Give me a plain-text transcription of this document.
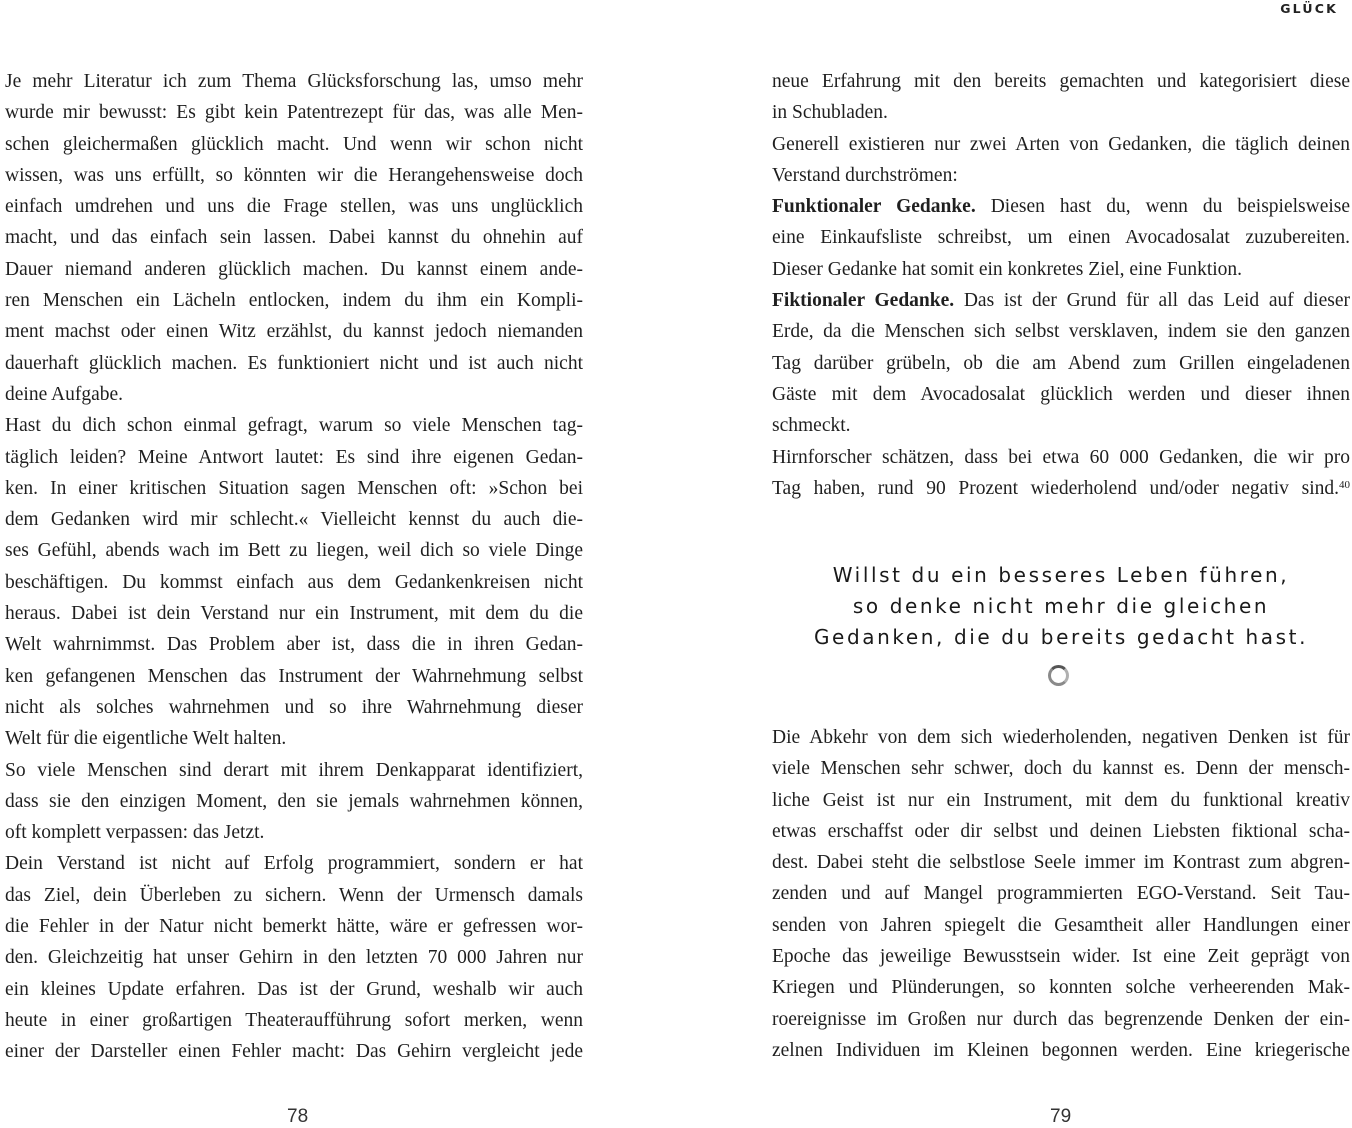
GLÜCK
Je mehr Literatur ich zum Thema Glücksforschung las, umso mehr
wurde mir bewusst: Es gibt kein Patentrezept für das, was alle Men-
schen gleichermaßen glücklich macht. Und wenn wir schon nicht
wissen, was uns erfüllt, so könnten wir die Herangehensweise doch
einfach umdrehen und uns die Frage stellen, was uns unglücklich
macht, und das einfach sein lassen. Dabei kannst du ohnehin auf
Dauer niemand anderen glücklich machen. Du kannst einem ande-
ren Menschen ein Lächeln entlocken, indem du ihm ein Kompli-
ment machst oder einen Witz erzählst, du kannst jedoch niemanden
dauerhaft glücklich machen. Es funktioniert nicht und ist auch nicht
deine Aufgabe.
Hast du dich schon einmal gefragt, warum so viele Menschen tag-
täglich leiden? Meine Antwort lautet: Es sind ihre eigenen Gedan-
ken. In einer kritischen Situation sagen Menschen oft: »Schon bei
dem Gedanken wird mir schlecht.« Vielleicht kennst du auch die-
ses Gefühl, abends wach im Bett zu liegen, weil dich so viele Dinge
beschäftigen. Du kommst einfach aus dem Gedankenkreisen nicht
heraus. Dabei ist dein Verstand nur ein Instrument, mit dem du die
Welt wahrnimmst. Das Problem aber ist, dass die in ihren Gedan-
ken gefangenen Menschen das Instrument der Wahrnehmung selbst
nicht als solches wahrnehmen und so ihre Wahrnehmung dieser
Welt für die eigentliche Welt halten.
So viele Menschen sind derart mit ihrem Denkapparat identifiziert,
dass sie den einzigen Moment, den sie jemals wahrnehmen können,
oft komplett verpassen: das Jetzt.
Dein Verstand ist nicht auf Erfolg programmiert, sondern er hat
das Ziel, dein Überleben zu sichern. Wenn der Urmensch damals
die Fehler in der Natur nicht bemerkt hätte, wäre er gefressen wor-
den. Gleichzeitig hat unser Gehirn in den letzten 70 000 Jahren nur
ein kleines Update erfahren. Das ist der Grund, weshalb wir auch
heute in einer großartigen Theateraufführung sofort merken, wenn
einer der Darsteller einen Fehler macht: Das Gehirn vergleicht jede
neue Erfahrung mit den bereits gemachten und kategorisiert diese
in Schubladen.
Generell existieren nur zwei Arten von Gedanken, die täglich deinen
Verstand durchströmen:
Funktionaler Gedanke. Diesen hast du, wenn du beispielsweise
eine Einkaufsliste schreibst, um einen Avocadosalat zuzubereiten.
Dieser Gedanke hat somit ein konkretes Ziel, eine Funktion.
Fiktionaler Gedanke. Das ist der Grund für all das Leid auf dieser
Erde, da die Menschen sich selbst versklaven, indem sie den ganzen
Tag darüber grübeln, ob die am Abend zum Grillen eingeladenen
Gäste mit dem Avocadosalat glücklich werden und dieser ihnen
schmeckt.
Hirnforscher schätzen, dass bei etwa 60 000 Gedanken, die wir pro
Tag haben, rund 90 Prozent wiederholend und/oder negativ sind.$^{40}$
Willst du ein besseres Leben führen,
so denke nicht mehr die gleichen
Gedanken, die du bereits gedacht hast.
Die Abkehr von dem sich wiederholenden, negativen Denken ist für
viele Menschen sehr schwer, doch du kannst es. Denn der mensch-
liche Geist ist nur ein Instrument, mit dem du funktional kreativ
etwas erschaffst oder dir selbst und deinen Liebsten fiktional scha-
dest. Dabei steht die selbstlose Seele immer im Kontrast zum abgren-
zenden und auf Mangel programmierten EGO-Verstand. Seit Tau-
senden von Jahren spiegelt die Gesamtheit aller Handlungen einer
Epoche das jeweilige Bewusstsein wider. Ist eine Zeit geprägt von
Kriegen und Plünderungen, so konnten solche verheerenden Mak-
roereignisse im Großen nur durch das begrenzende Denken der ein-
zelnen Individuen im Kleinen begonnen werden. Eine kriegerische
78	79
